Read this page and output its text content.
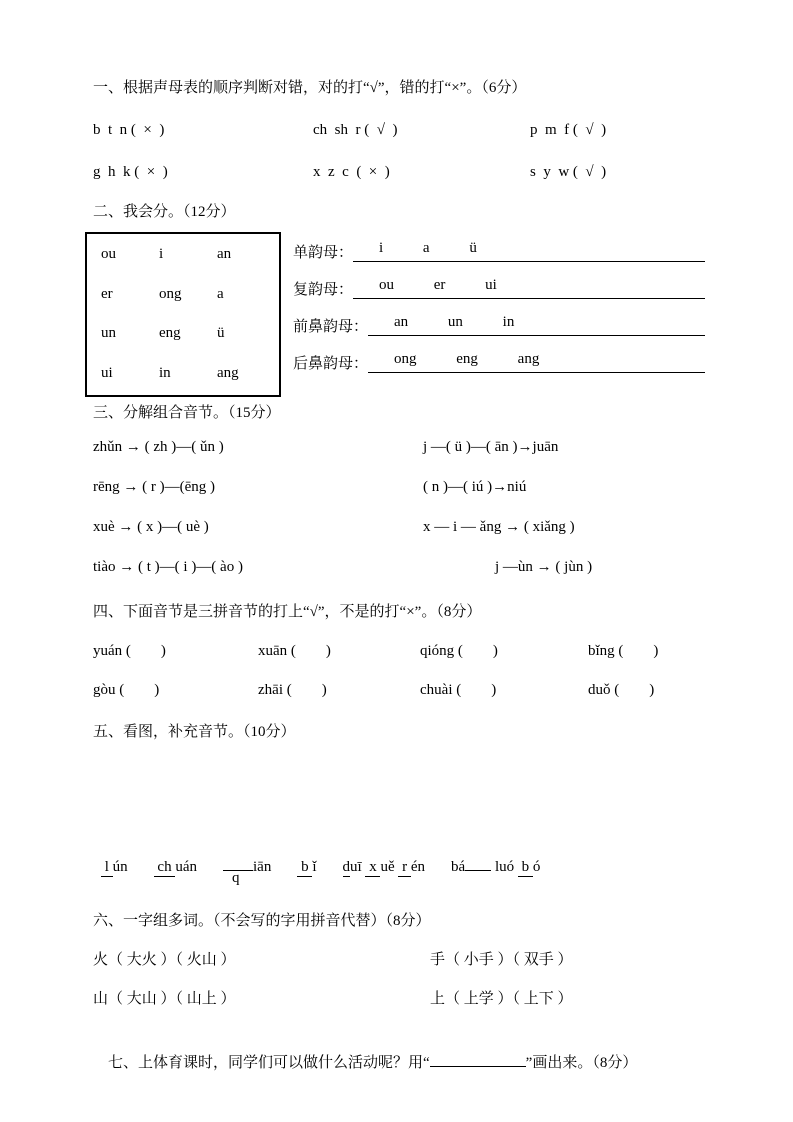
一、根据声母表的顺序判断对错，对的打“√”，错的打“×”。（6分）
b  t  n (  ×  )	ch  sh  r (  √  )	p  m  f (  √  )
g  h  k (  ×  )	x  z  c  (  ×  )	s  y  w (  √  )
二、我会分。（12分）
ou	i	an
er	ong	a
un	eng	ü
ui	in	ang
单韵母： i a ü
复韵母： ou er ui
前鼻韵母： an un in
后鼻韵母： ong eng ang
三、分解组合音节。（15分）
zhǔn → ( zh )—( ǔn )	j —( ü )—( ān )→juān
rēng → ( r )—(ēng )	( n )—( iú )→niú
xuè → ( x )—( uè )	x — i — ǎng → ( xiǎng )
tiào → ( t )—( i )—( ào )	j —ùn → ( jùn )
四、下面音节是三拼音节的打上“√”，不是的打“×”。（8分）
yuán (        )	xuān (        )	qióng (        )	bǐng (        )
gòu (        )	zhāi (        )	chuài (        )	duǒ (        )
五、看图，补充音节。（10分）
l ún ch uán
q
iān b ǐ duī  x uě  r én bá luó  b ó
六、一字组多词。（不会写的字用拼音代替）（8分）
火（ 大火 ）（ 火山 ）	手（ 小手 ）（ 双手 ）
山（ 大山 ）（ 山上 ）	上（ 上学 ）（ 上下 ）

七、上体育课时，同学们可以做什么活动呢？用“	”画出来。（8分）
